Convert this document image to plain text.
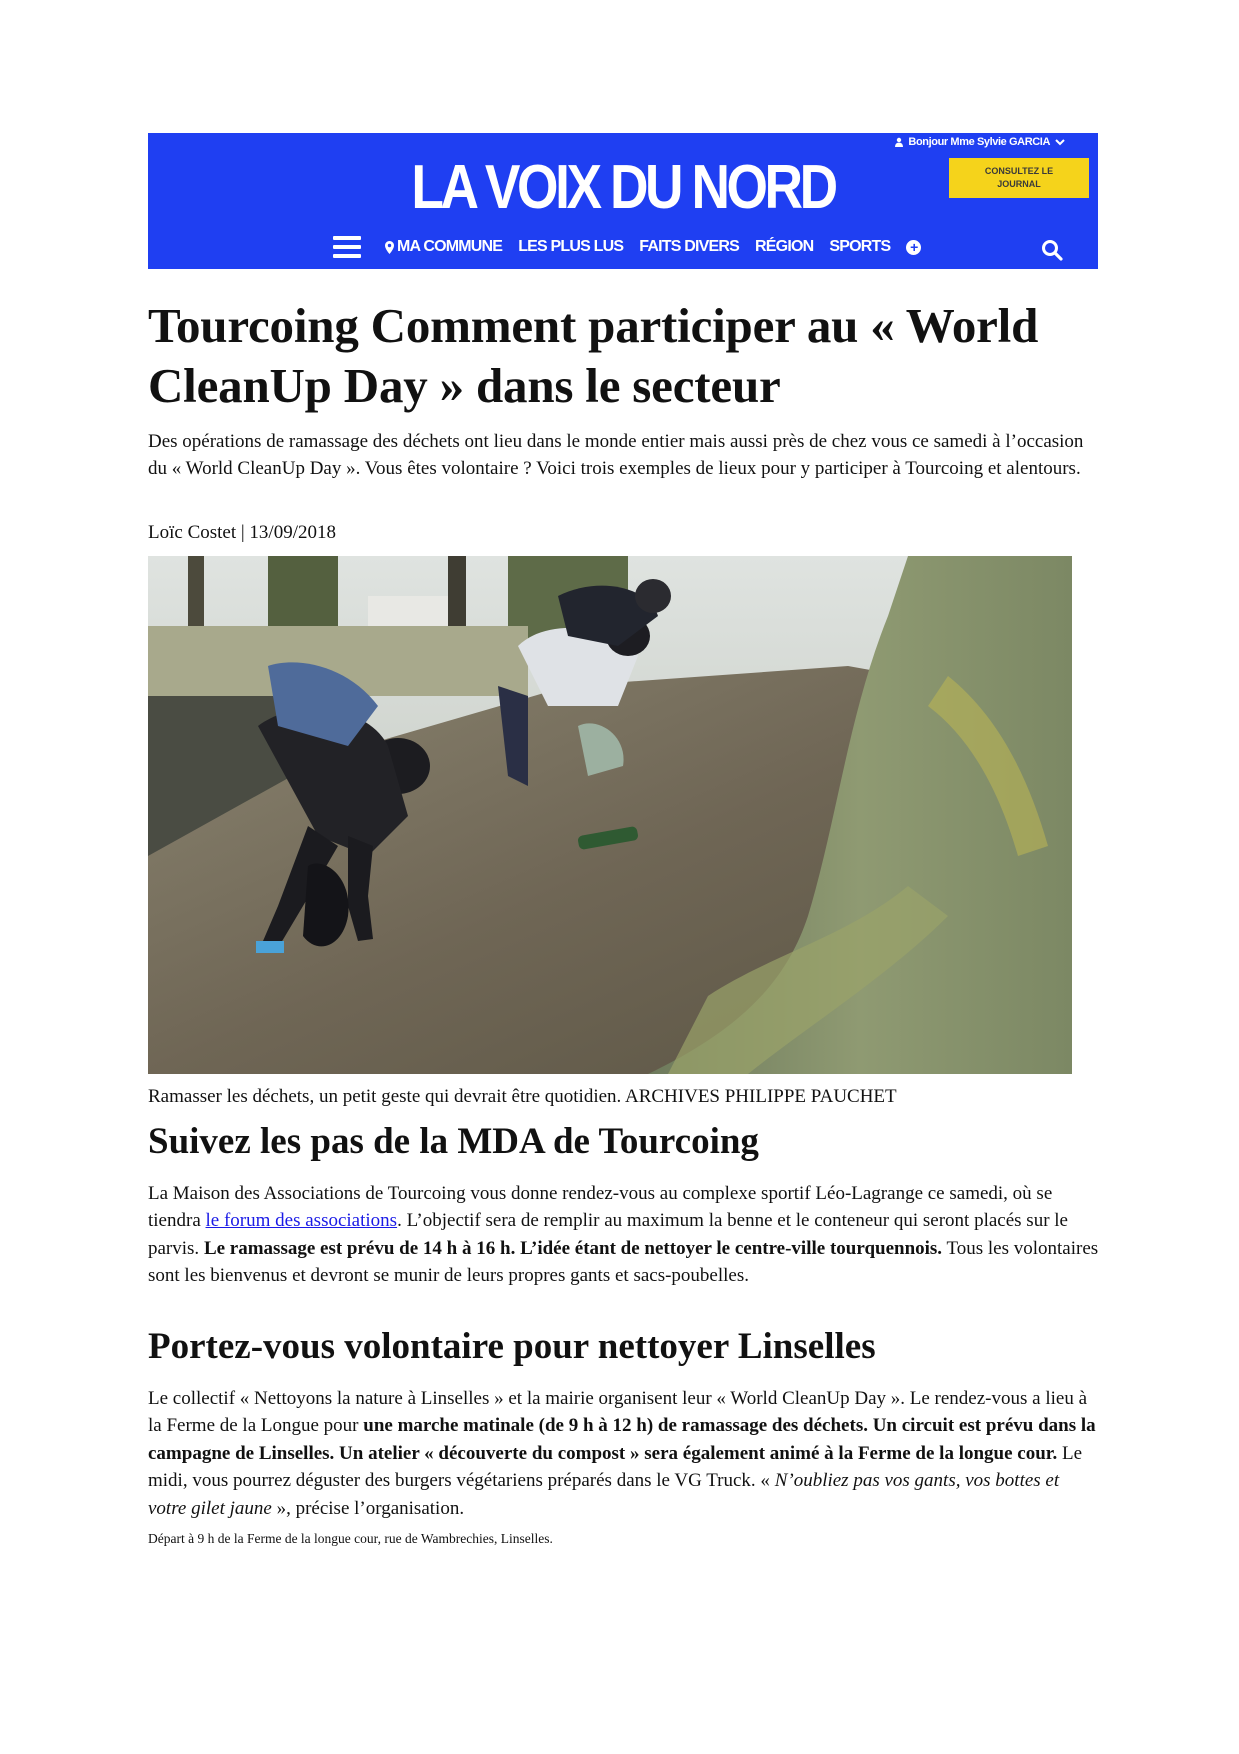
Bonjour Mme Sylvie GARCIA
LA VOIX DU NORD	CONSULTEZ LE JOURNAL
MA COMMUNE LES PLUS LUS FAITS DIVERS RÉGION SPORTS +
Tourcoing Comment participer au « World CleanUp Day » dans le secteur

Des opérations de ramassage des déchets ont lieu dans le monde entier mais aussi près de chez vous ce samedi à l’occasion du « World CleanUp Day ». Vous êtes volontaire ? Voici trois exemples de lieux pour y participer à Tourcoing et alentours.

Loïc Costet | 13/09/2018
Ramasser les déchets, un petit geste qui devrait être quotidien. ARCHIVES PHILIPPE PAUCHET
Suivez les pas de la MDA de Tourcoing

La Maison des Associations de Tourcoing vous donne rendez-vous au complexe sportif Léo-Lagrange ce samedi, où se tiendra le forum des associations. L’objectif sera de remplir au maximum la benne et le conteneur qui seront placés sur le parvis. Le ramassage est prévu de 14 h à 16 h. L’idée étant de nettoyer le centre-ville tourquennois. Tous les volontaires sont les bienvenus et devront se munir de leurs propres gants et sacs-poubelles.

Portez-vous volontaire pour nettoyer Linselles

Le collectif « Nettoyons la nature à Linselles » et la mairie organisent leur « World CleanUp Day ». Le rendez-vous a lieu à la Ferme de la Longue pour une marche matinale (de 9 h à 12 h) de ramassage des déchets. Un circuit est prévu dans la campagne de Linselles. Un atelier « découverte du compost » sera également animé à la Ferme de la longue cour. Le midi, vous pourrez déguster des burgers végétariens préparés dans le VG Truck. « N’oubliez pas vos gants, vos bottes et votre gilet jaune », précise l’organisation.

Départ à 9 h de la Ferme de la longue cour, rue de Wambrechies, Linselles.
